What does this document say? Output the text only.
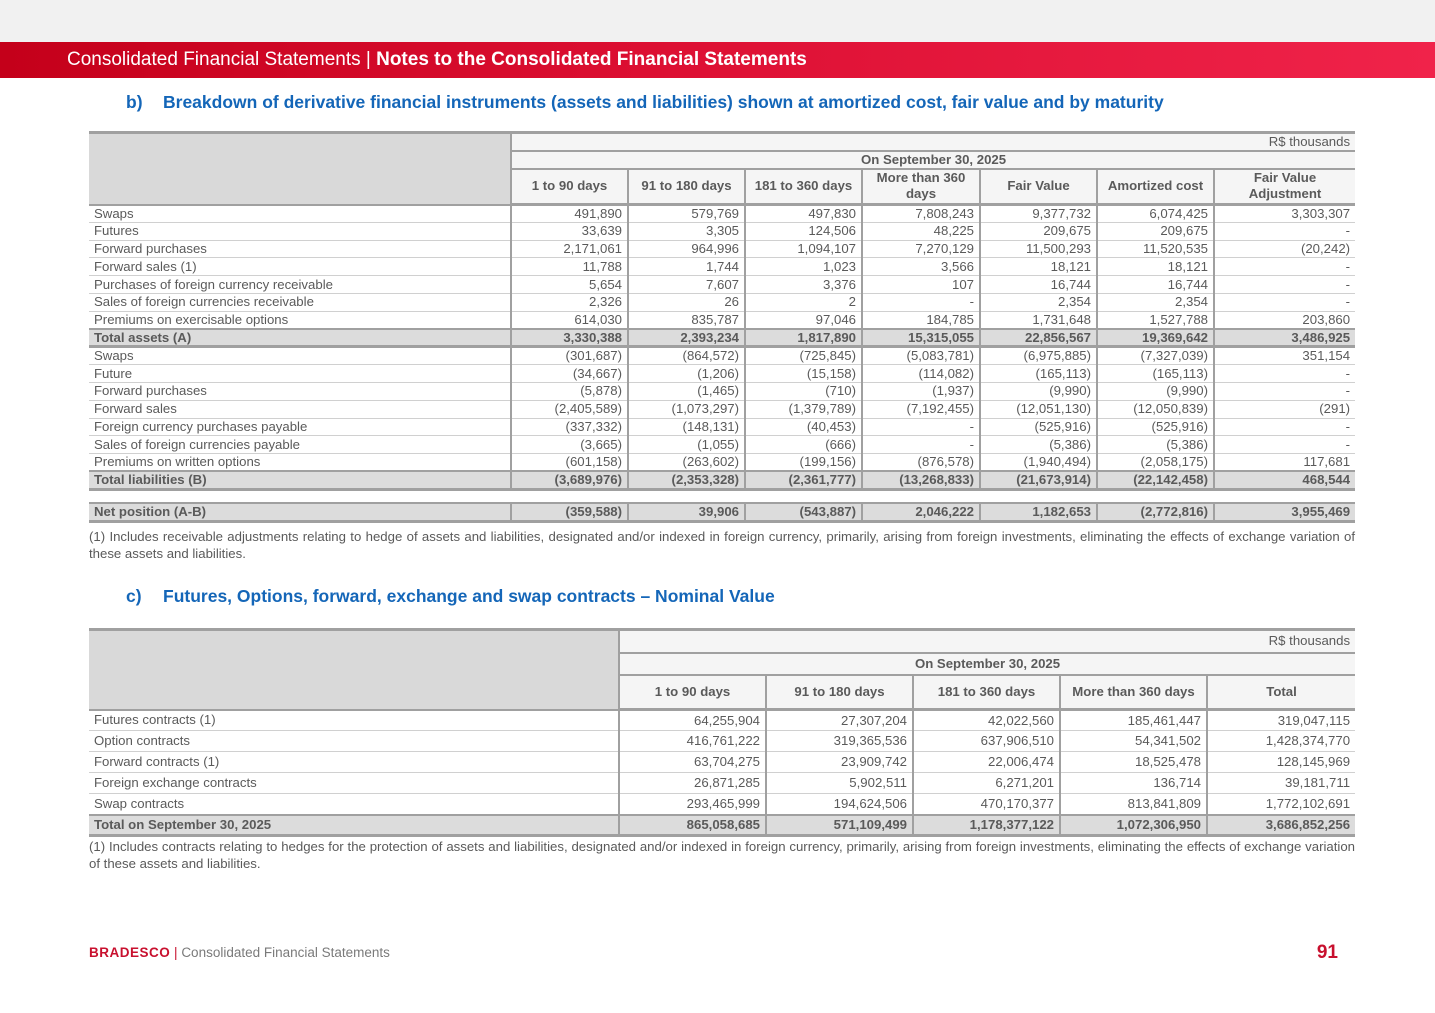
Consolidated Financial Statements | Notes to the Consolidated Financial Statements
b) Breakdown of derivative financial instruments (assets and liabilities) shown at amortized cost, fair value and by maturity
	R$ thousands						
	On September 30, 2025						
	1 to 90 days	91 to 180 days	181 to 360 days	More than 360 days	Fair Value	Amortized cost	Fair Value Adjustment
Swaps	491,890	579,769	497,830	7,808,243	9,377,732	6,074,425	3,303,307
Futures	33,639	3,305	124,506	48,225	209,675	209,675	-
Forward purchases	2,171,061	964,996	1,094,107	7,270,129	11,500,293	11,520,535	(20,242)
Forward sales (1)	11,788	1,744	1,023	3,566	18,121	18,121	-
Purchases of foreign currency receivable	5,654	7,607	3,376	107	16,744	16,744	-
Sales of foreign currencies receivable	2,326	26	2	-	2,354	2,354	-
Premiums on exercisable options	614,030	835,787	97,046	184,785	1,731,648	1,527,788	203,860
Total assets (A)	3,330,388	2,393,234	1,817,890	15,315,055	22,856,567	19,369,642	3,486,925
Swaps	(301,687)	(864,572)	(725,845)	(5,083,781)	(6,975,885)	(7,327,039)	351,154
Future	(34,667)	(1,206)	(15,158)	(114,082)	(165,113)	(165,113)	-
Forward purchases	(5,878)	(1,465)	(710)	(1,937)	(9,990)	(9,990)	-
Forward sales	(2,405,589)	(1,073,297)	(1,379,789)	(7,192,455)	(12,051,130)	(12,050,839)	(291)
Foreign currency purchases payable	(337,332)	(148,131)	(40,453)	-	(525,916)	(525,916)	-
Sales of foreign currencies payable	(3,665)	(1,055)	(666)	-	(5,386)	(5,386)	-
Premiums on written options	(601,158)	(263,602)	(199,156)	(876,578)	(1,940,494)	(2,058,175)	117,681
Total liabilities (B)	(3,689,976)	(2,353,328)	(2,361,777)	(13,268,833)	(21,673,914)	(22,142,458)	468,544

Net position (A-B)	(359,588)	39,906	(543,887)	2,046,222	1,182,653	(2,772,816)	3,955,469
(1) Includes receivable adjustments relating to hedge of assets and liabilities, designated and/or indexed in foreign currency, primarily, arising from foreign investments, eliminating the effects of exchange variation of these assets and liabilities.
c) Futures, Options, forward, exchange and swap contracts – Nominal Value
	R$ thousands				
	On September 30, 2025				
	1 to 90 days	91 to 180 days	181 to 360 days	More than 360 days	Total
Futures contracts (1)	64,255,904	27,307,204	42,022,560	185,461,447	319,047,115
Option contracts	416,761,222	319,365,536	637,906,510	54,341,502	1,428,374,770
Forward contracts (1)	63,704,275	23,909,742	22,006,474	18,525,478	128,145,969
Foreign exchange contracts	26,871,285	5,902,511	6,271,201	136,714	39,181,711
Swap contracts	293,465,999	194,624,506	470,170,377	813,841,809	1,772,102,691
Total on September 30, 2025	865,058,685	571,109,499	1,178,377,122	1,072,306,950	3,686,852,256
(1) Includes contracts relating to hedges for the protection of assets and liabilities, designated and/or indexed in foreign currency, primarily, arising from foreign investments, eliminating the effects of exchange variation of these assets and liabilities.
BRADESCO | Consolidated Financial Statements	91
